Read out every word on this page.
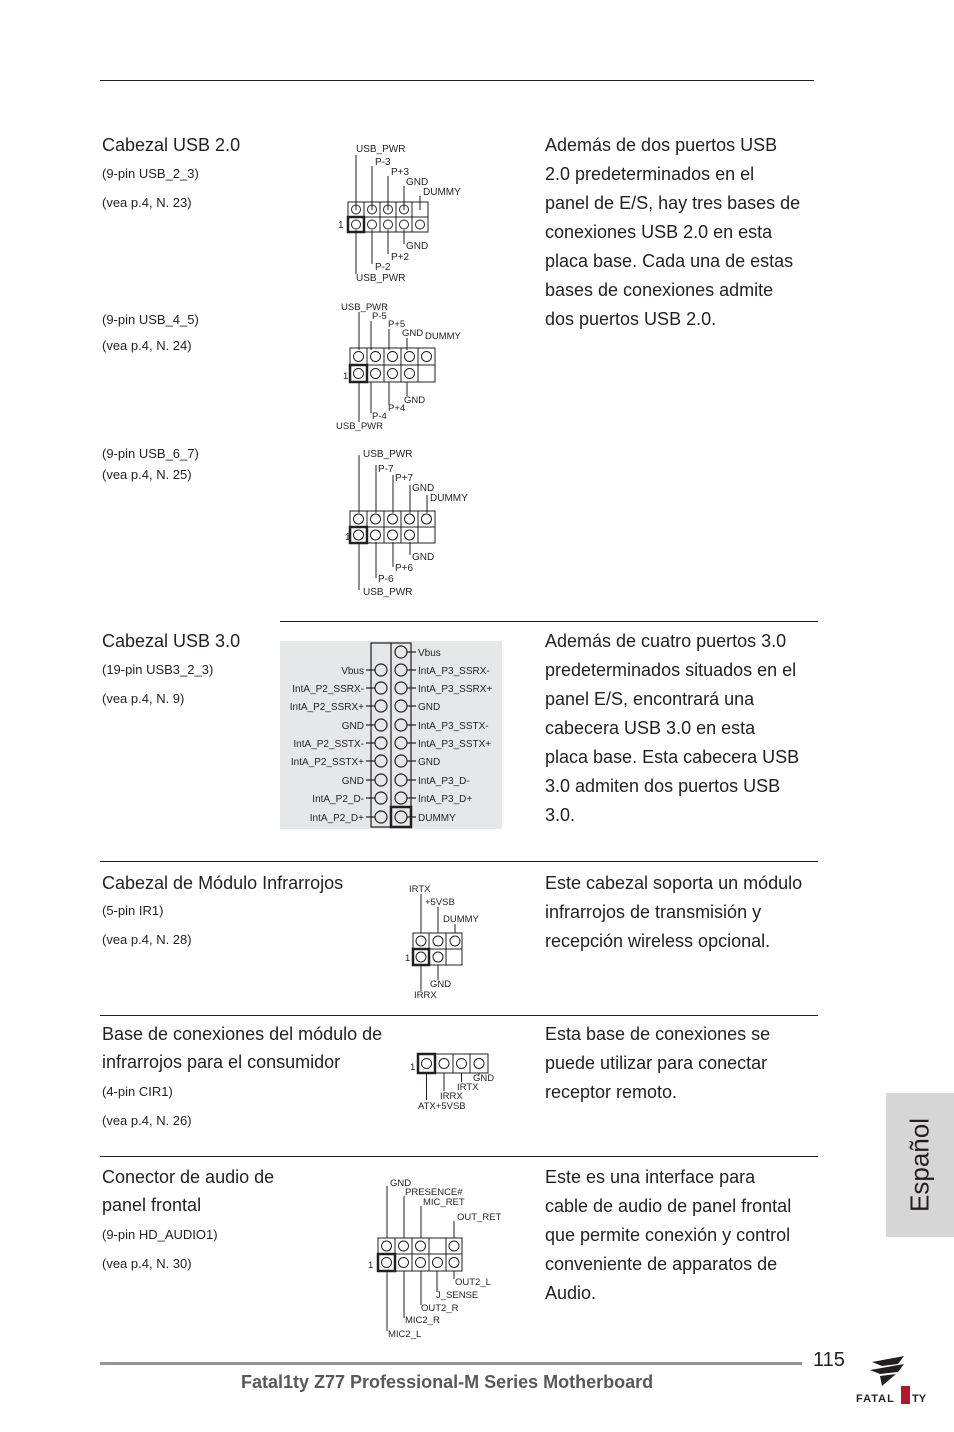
Cabezal USB 2.0
(9-pin USB_2_3)
(vea p.4, N. 23)
(9-pin USB_4_5)
(vea p.4, N. 24)
(9-pin USB_6_7)
(vea p.4, N. 25)
Además de dos puertos USB
2.0 predeterminados en el
panel de E/S, hay tres bases de
conexiones USB 2.0 en esta
placa base. Cada una de estas
bases de conexiones admite
dos puertos USB 2.0.
USB_PWR
P-3
P+3
GND
DUMMY
1
GND
P+2
P-2
USB_PWR
USB_PWR
P-5
P+5
GND DUMMY
1
GND
P+4
P-4
USB_PWR
USB_PWR
P-7
P+7
GND
DUMMY
1
GND
P+6
P-6
USB_PWR
Cabezal USB 3.0
(19-pin USB3_2_3)
(vea p.4, N. 9)
Además de cuatro puertos 3.0
predeterminados situados en el
panel E/S, encontrará una
cabecera USB 3.0 en esta
placa base. Esta cabecera USB
3.0 admiten dos puertos USB
3.0.
Vbus
IntA_P2_SSRX-
IntA_P2_SSRX+
GND
IntA_P2_SSTX-
IntA_P2_SSTX+
GND
IntA_P2_D-
IntA_P2_D+
Vbus
IntA_P3_SSRX-
IntA_P3_SSRX+
GND
IntA_P3_SSTX-
IntA_P3_SSTX+
GND
IntA_P3_D-
IntA_P3_D+
DUMMY
Cabezal de Módulo Infrarrojos
(5-pin IR1)
(vea p.4, N. 28)
Este cabezal soporta un módulo
infrarrojos de transmisión y
recepción wireless opcional.
IRTX
+5VSB
DUMMY
1
GND
IRRX
Base de conexiones del módulo de
infrarrojos para el consumidor
(4-pin CIR1)
(vea p.4, N. 26)
Esta base de conexiones se
puede utilizar para conectar
receptor remoto.
1
GND
IRTX
IRRX
ATX+5VSB
Conector de audio de
panel frontal
(9-pin HD_AUDIO1)
(vea p.4, N. 30)
Este es una interface para
cable de audio de panel frontal
que permite conexión y control
conveniente de apparatos de
Audio.
GND
PRESENCE#
MIC_RET
OUT_RET
1
OUT2_L
J_SENSE
OUT2_R
MIC2_R
MIC2_L
Español
115
Fatal1ty Z77 Professional-M Series Motherboard
FATAL TY
